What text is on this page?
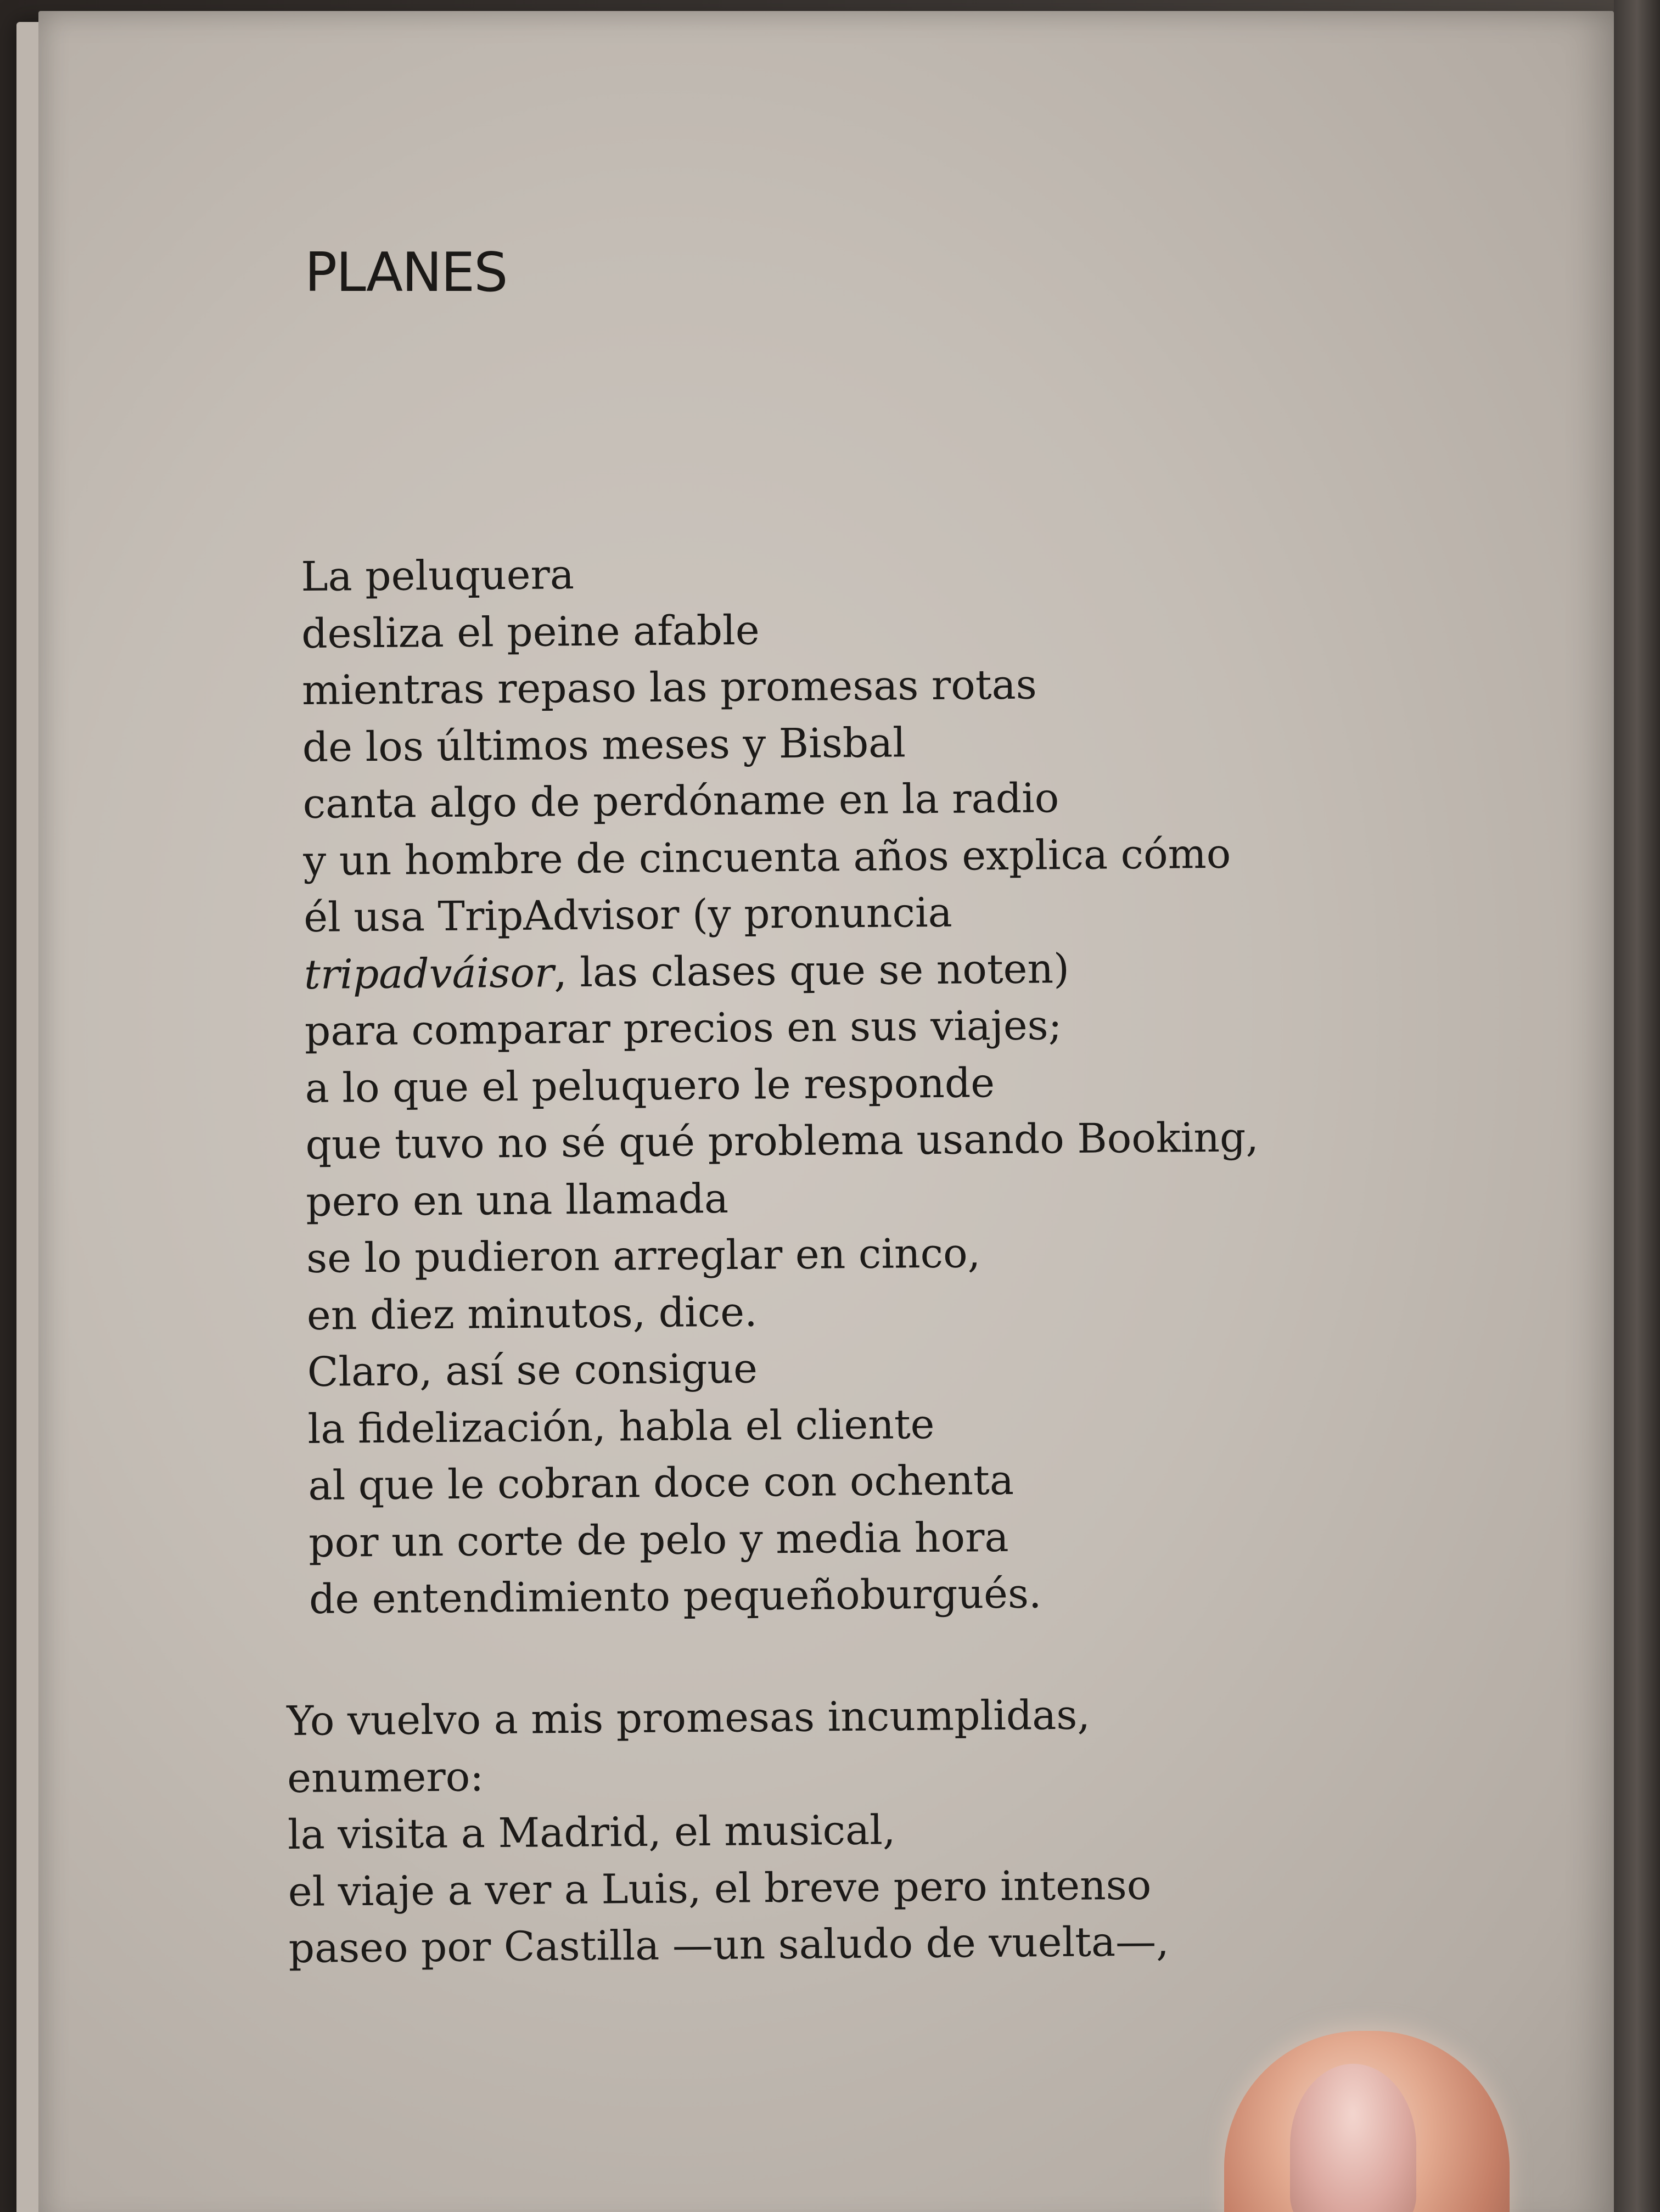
PLANES
La peluquera
desliza el peine afable
mientras repaso las promesas rotas
de los últimos meses y Bisbal
canta algo de perdóname en la radio
y un hombre de cincuenta años explica cómo
él usa TripAdvisor (y pronuncia
tripadváisor, las clases que se noten)
para comparar precios en sus viajes;
a lo que el peluquero le responde
que tuvo no sé qué problema usando Booking,
pero en una llamada
se lo pudieron arreglar en cinco,
en diez minutos, dice.
Claro, así se consigue
la fidelización, habla el cliente
al que le cobran doce con ochenta
por un corte de pelo y media hora
de entendimiento pequeñoburgués.
Yo vuelvo a mis promesas incumplidas,
enumero:
la visita a Madrid, el musical,
el viaje a ver a Luis, el breve pero intenso
paseo por Castilla —un saludo de vuelta—,
